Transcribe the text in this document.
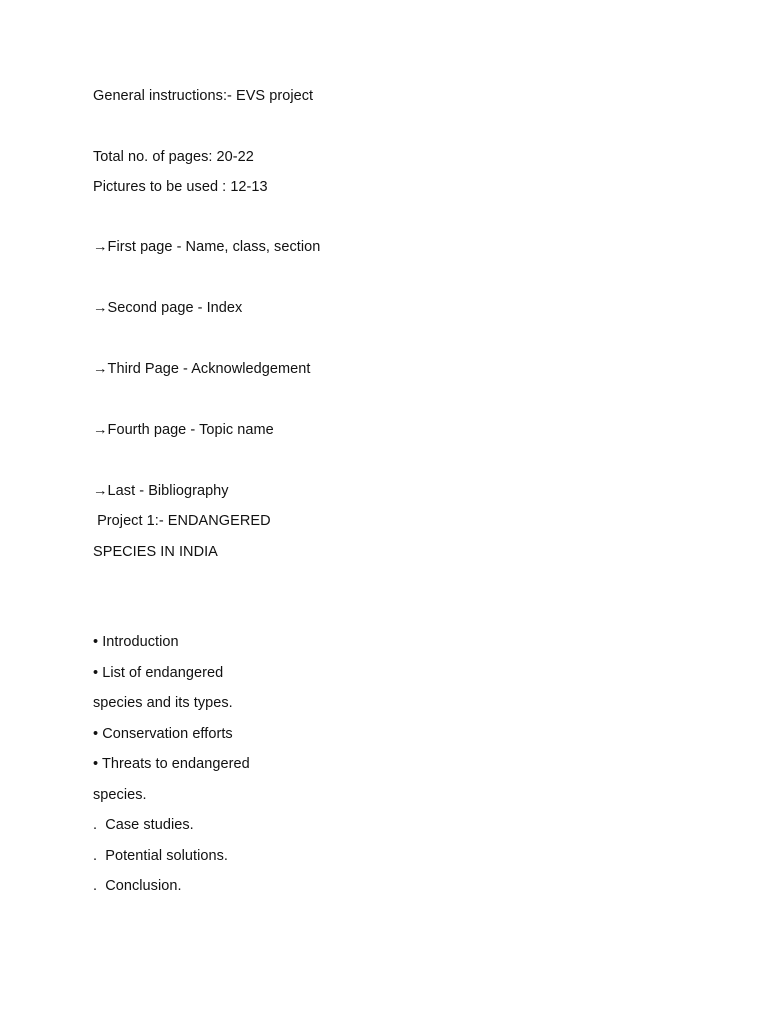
General instructions:- EVS project
Total no. of pages: 20-22
Pictures to be used : 12-13
→First page - Name, class, section
→Second page - Index
→Third Page - Acknowledgement
→Fourth page - Topic name
→Last - Bibliography
Project 1:- ENDANGERED
SPECIES IN INDIA
• Introduction
• List of endangered
species and its types.
• Conservation efforts
• Threats to endangered
species.
.  Case studies.
.  Potential solutions.
.  Conclusion.
